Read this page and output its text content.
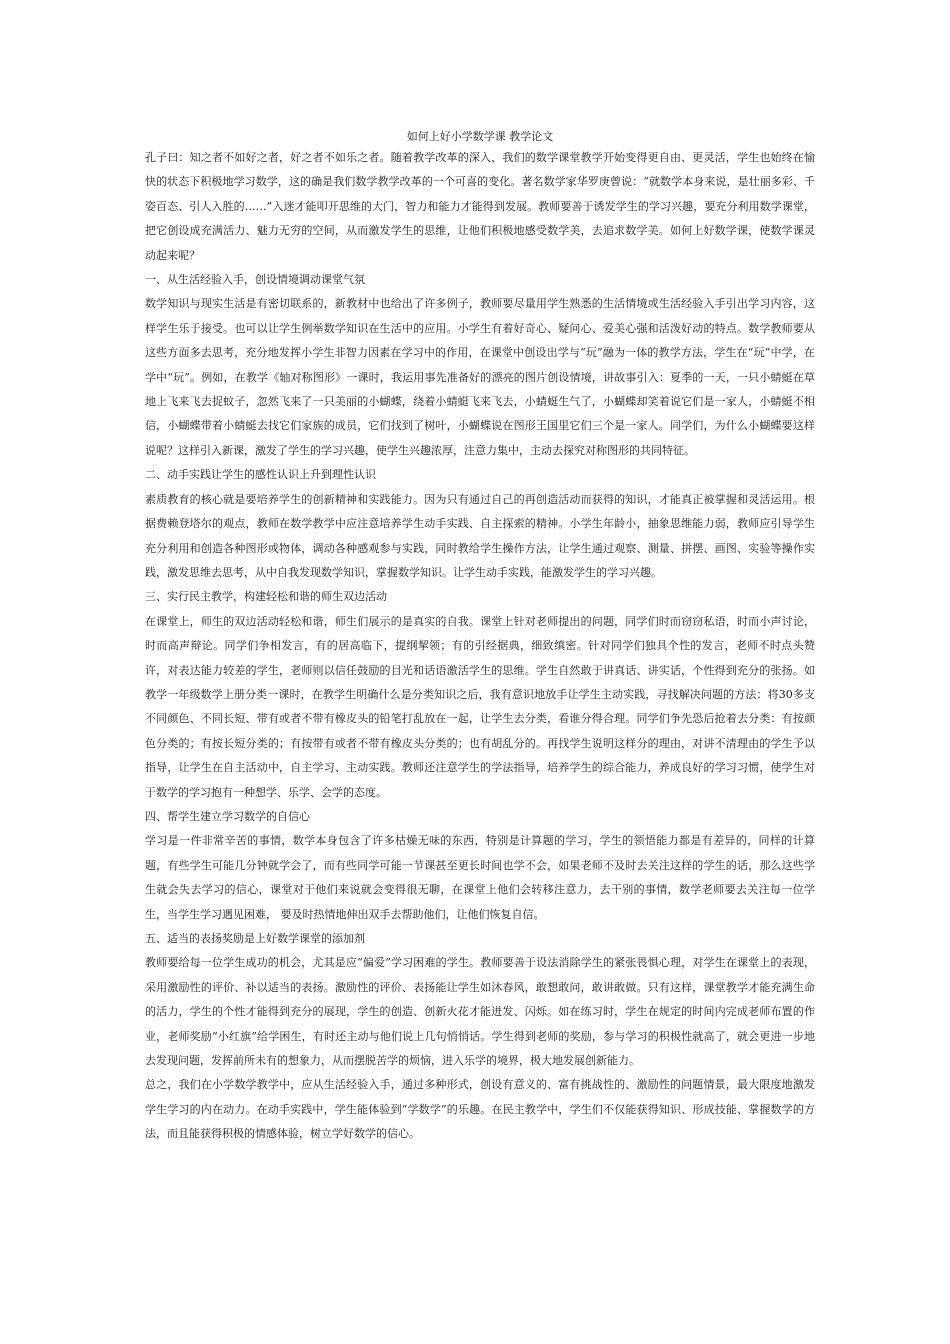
如何上好小学数学课 教学论文
孔子曰：知之者不如好之者，好之者不如乐之者。随着教学改革的深入，我们的数学课堂教学开始变得更自由、更灵活，学生也始终在愉快的状态下积极地学习数学，这的确是我们数学教学改革的一个可喜的变化。著名数学家华罗庚曾说：“就数学本身来说，是壮丽多彩、千姿百态、引人入胜的……”入迷才能叩开思维的大门，智力和能力才能得到发展。教师要善于诱发学生的学习兴趣，要充分利用数学课堂，把它创设成充满活力、魅力无穷的空间，从而激发学生的思维，让他们积极地感受数学美，去追求数学美。如何上好数学课，使数学课灵动起来呢？
一、从生活经验入手，创设情境调动课堂气氛
数学知识与现实生活是有密切联系的，新教材中也给出了许多例子，教师要尽量用学生熟悉的生活情境或生活经验入手引出学习内容，这样学生乐于接受。也可以让学生例举数学知识在生活中的应用。小学生有着好奇心、疑问心、爱美心强和活泼好动的特点。数学教师要从这些方面多去思考，充分地发挥小学生非智力因素在学习中的作用，在课堂中创设出学与“玩”融为一体的教学方法，学生在“玩”中学，在学中“玩”。例如，在教学《轴对称图形》一课时，我运用事先准备好的漂亮的图片创设情境，讲故事引入：夏季的一天，一只小蜻蜓在草地上飞来飞去捉蚊子，忽然飞来了一只美丽的小蝴蝶，绕着小蜻蜓飞来飞去，小蜻蜓生气了，小蝴蝶却笑着说它们是一家人，小蜻蜓不相信，小蝴蝶带着小蜻蜓去找它们家族的成员，它们找到了树叶，小蝴蝶说在图形王国里它们三个是一家人。同学们，为什么小蝴蝶要这样说呢？这样引入新课，激发了学生的学习兴趣，使学生兴趣浓厚，注意力集中，主动去探究对称图形的共同特征。
二、动手实践让学生的感性认识上升到理性认识
素质教育的核心就是要培养学生的创新精神和实践能力。因为只有通过自己的再创造活动而获得的知识，才能真正被掌握和灵活运用。根据费赖登塔尔的观点，教师在数学教学中应注意培养学生动手实践、自主探索的精神。小学生年龄小，抽象思维能力弱，教师应引导学生充分利用和创造各种图形或物体，调动各种感观参与实践，同时教给学生操作方法，让学生通过观察、测量、拼摆、画图、实验等操作实践，激发思维去思考，从中自我发现数学知识，掌握数学知识。让学生动手实践，能激发学生的学习兴趣。
三、实行民主教学，构建轻松和谐的师生双边活动
在课堂上，师生的双边活动轻松和谐，师生们展示的是真实的自我。课堂上针对老师提出的问题，同学们时而窃窃私语，时而小声讨论，时而高声辩论。同学们争相发言，有的居高临下，提纲挈领；有的引经据典，细致缜密。针对同学们独具个性的发言，老师不时点头赞许，对表达能力较差的学生，老师则以信任鼓励的目光和话语激活学生的思维。学生自然敢于讲真话、讲实话，个性得到充分的张扬。如教学一年级数学上册分类一课时，在教学生明确什么是分类知识之后，我有意识地放手让学生主动实践，寻找解决问题的方法：将30多支不同颜色、不同长短、带有或者不带有橡皮头的铅笔打乱放在一起，让学生去分类，看谁分得合理。同学们争先恐后抢着去分类：有按颜色分类的；有按长短分类的；有按带有或者不带有橡皮头分类的；也有胡乱分的。再找学生说明这样分的理由，对讲不清理由的学生予以指导，让学生在自主活动中，自主学习、主动实践。教师还注意学生的学法指导，培养学生的综合能力，养成良好的学习习惯，使学生对于数学的学习抱有一种想学、乐学、会学的态度。
四、帮学生建立学习数学的自信心
学习是一件非常辛苦的事情，数学本身包含了许多枯燥无味的东西，特别是计算题的学习，学生的领悟能力都是有差异的，同样的计算题，有些学生可能几分钟就学会了，而有些同学可能一节课甚至更长时间也学不会，如果老师不及时去关注这样的学生的话，那么这些学生就会失去学习的信心，课堂对于他们来说就会变得很无聊，在课堂上他们会转移注意力，去干别的事情，数学老师要去关注每一位学生，当学生学习遇见困难， 要及时热情地伸出双手去帮助他们，让他们恢复自信。
五、适当的表扬奖励是上好数学课堂的添加剂
教师要给每一位学生成功的机会，尤其是应“偏爱”学习困难的学生。教师要善于设法消除学生的紧张畏惧心理，对学生在课堂上的表现，采用激励性的评价、补以适当的表扬。激励性的评价、表扬能让学生如沐春风，敢想敢问，敢讲敢做。只有这样，课堂教学才能充满生命的活力，学生的个性才能得到充分的展现，学生的创造、创新火花才能迸发、闪烁。如在练习时，学生在规定的时间内完成老师布置的作业，老师奖励“小红旗”给学困生，有时还主动与他们说上几句悄悄话。学生得到老师的奖励，参与学习的积极性就高了，就会更进一步地去发现问题，发挥前所未有的想象力，从而摆脱苦学的烦恼，进入乐学的境界，极大地发展创新能力。
总之，我们在小学数学教学中，应从生活经验入手，通过多种形式，创设有意义的、富有挑战性的、激励性的问题情景，最大限度地激发学生学习的内在动力。在动手实践中，学生能体验到“学数学”的乐趣。在民主教学中，学生们不仅能获得知识、形成技能、掌握数学的方法，而且能获得积极的情感体验，树立学好数学的信心。
